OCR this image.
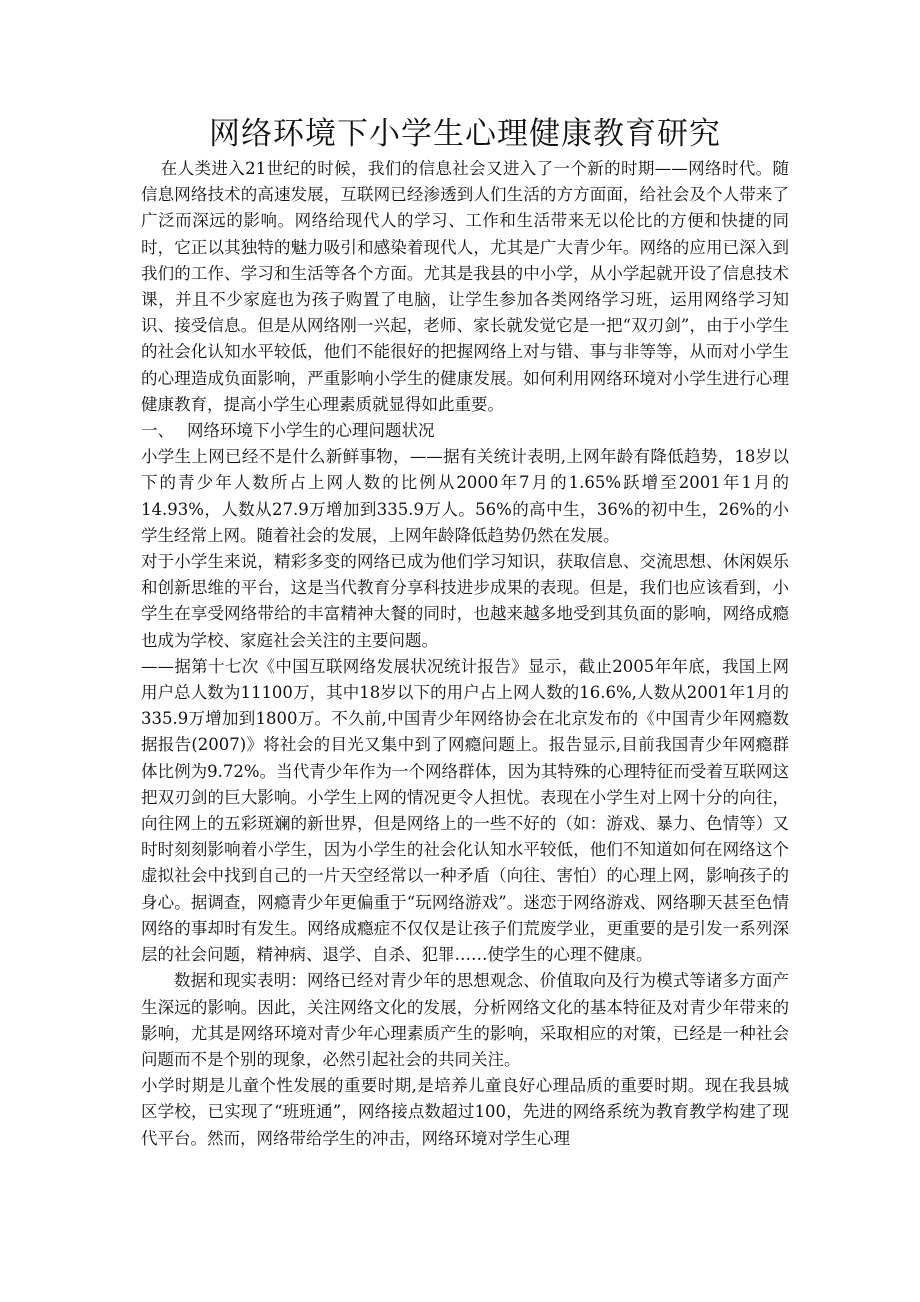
网络环境下小学生心理健康教育研究

在人类进入21世纪的时候，我们的信息社会又进入了一个新的时期——网络时代。随信息网络技术的高速发展，互联网已经渗透到人们生活的方方面面，给社会及个人带来了广泛而深远的影响。网络给现代人的学习、工作和生活带来无以伦比的方便和快捷的同时，它正以其独特的魅力吸引和感染着现代人，尤其是广大青少年。网络的应用已深入到我们的工作、学习和生活等各个方面。尤其是我县的中小学，从小学起就开设了信息技术课，并且不少家庭也为孩子购置了电脑，让学生参加各类网络学习班，运用网络学习知识、接受信息。但是从网络刚一兴起，老师、家长就发觉它是一把“双刃剑”，由于小学生的社会化认知水平较低，他们不能很好的把握网络上对与错、事与非等等，从而对小学生的心理造成负面影响，严重影响小学生的健康发展。如何利用网络环境对小学生进行心理健康教育，提高小学生心理素质就显得如此重要。

一、 网络环境下小学生的心理问题状况

小学生上网已经不是什么新鲜事物，——据有关统计表明,上网年龄有降低趋势，18岁以下的青少年人数所占上网人数的比例从2000年7月的1.65%跃增至2001年1月的14.93%，人数从27.9万增加到335.9万人。56%的高中生，36%的初中生，26%的小学生经常上网。随着社会的发展，上网年龄降低趋势仍然在发展。

对于小学生来说，精彩多变的网络已成为他们学习知识，获取信息、交流思想、休闲娱乐和创新思维的平台，这是当代教育分享科技进步成果的表现。但是，我们也应该看到，小学生在享受网络带给的丰富精神大餐的同时，也越来越多地受到其负面的影响，网络成瘾也成为学校、家庭社会关注的主要问题。

——据第十七次《中国互联网络发展状况统计报告》显示，截止2005年年底，我国上网用户总人数为11100万，其中18岁以下的用户占上网人数的16.6%,人数从2001年1月的335.9万增加到1800万。不久前,中国青少年网络协会在北京发布的《中国青少年网瘾数据报告(2007)》将社会的目光又集中到了网瘾问题上。报告显示,目前我国青少年网瘾群体比例为9.72%。当代青少年作为一个网络群体，因为其特殊的心理特征而受着互联网这把双刃剑的巨大影响。小学生上网的情况更令人担忧。表现在小学生对上网十分的向往，向往网上的五彩斑斓的新世界，但是网络上的一些不好的（如：游戏、暴力、色情等）又时时刻刻影响着小学生，因为小学生的社会化认知水平较低，他们不知道如何在网络这个虚拟社会中找到自己的一片天空经常以一种矛盾（向往、害怕）的心理上网，影响孩子的身心。据调查，网瘾青少年更偏重于“玩网络游戏”。迷恋于网络游戏、网络聊天甚至色情网络的事却时有发生。网络成瘾症不仅仅是让孩子们荒废学业，更重要的是引发一系列深层的社会问题，精神病、退学、自杀、犯罪……使学生的心理不健康。

数据和现实表明：网络已经对青少年的思想观念、价值取向及行为模式等诸多方面产生深远的影响。因此，关注网络文化的发展，分析网络文化的基本特征及对青少年带来的影响，尤其是网络环境对青少年心理素质产生的影响，采取相应的对策，已经是一种社会问题而不是个别的现象，必然引起社会的共同关注。

小学时期是儿童个性发展的重要时期,是培养儿童良好心理品质的重要时期。现在我县城区学校，已实现了“班班通”，网络接点数超过100，先进的网络系统为教育教学构建了现代平台。然而，网络带给学生的冲击，网络环境对学生心理
